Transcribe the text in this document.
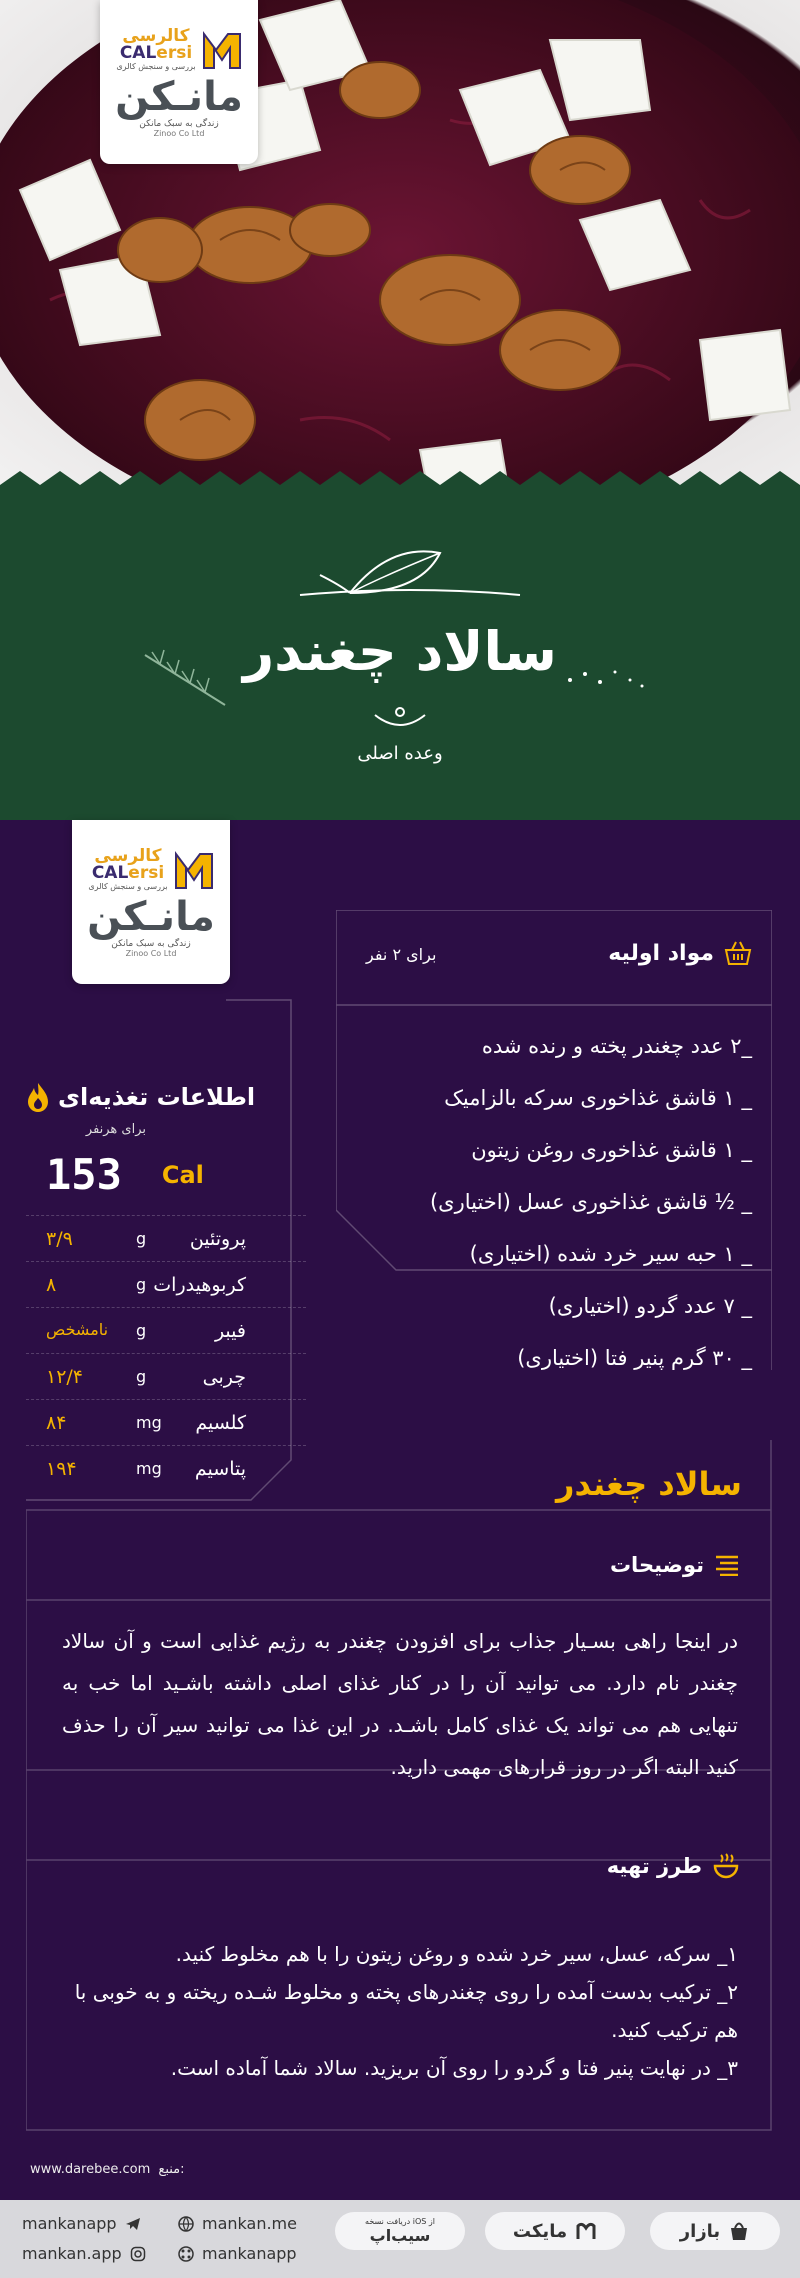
کالرسی
CALersi
بررسی و سنجش کالری
مانـکن
زندگی به سبک مانکن
Zinoo Co Ltd
سالاد چغندر
وعده اصلی
اطلاعات تغذیه‌ای
برای هرنفر
153 Cal
۳/۹	g پروتئین
۸	g کربوهیدرات
نامشخص g	فیبر
۱۲/۴	g	چربی
۸۴	mg کلسیم
۱۹۴	mg پتاسیم
کالرسی
CALersi
بررسی و سنجش کالری
مانـکن
زندگی به سبک مانکن
Zinoo Co Ltd	مواد اولیه
برای ۲ نفر
_۲ عدد چغندر پخته و رنده شده
_ ۱ قاشق غذاخوری سرکه بالزامیک
_ ۱ قاشق غذاخوری روغن زیتون
_ ½ قاشق غذاخوری عسل (اختیاری)
_ ۱ حبه سیر خرد شده (اختیاری)
_ ۷ عدد گردو (اختیاری)
_ ۳۰ گرم پنیر فتا (اختیاری)
سالاد چغندر
توضیحات
در اینجا راهی بسـیار جذاب برای افزودن چغندر به رژیم غذایی است و آن سالاد چغندر نام دارد. می توانید آن را در کنار غذای اصلی داشته باشـید اما خب به تنهایی هم می تواند یک غذای کامل باشـد. در این غذا می توانید سیر آن را حذف کنید البته اگر در روز قرارهای مهمی دارید.
طرز تهیه
۱_ سرکه، عسل، سیر خرد شده و روغن زیتون را با هم مخلوط کنید.
۲_ ترکیب بدست آمده را روی چغندرهای پخته و مخلوط شـده ریخته و به خوبی با هم ترکیب کنید.
۳_ در نهایت پنیر فتا و گردو را روی آن بریزید. سالاد شما آماده است.
www.darebee.com منبع:
بازار
مایکت
دریافت نسخه iOS از
سیب‌اپ
mankan.me
mankanapp
mankanapp
mankan.app
